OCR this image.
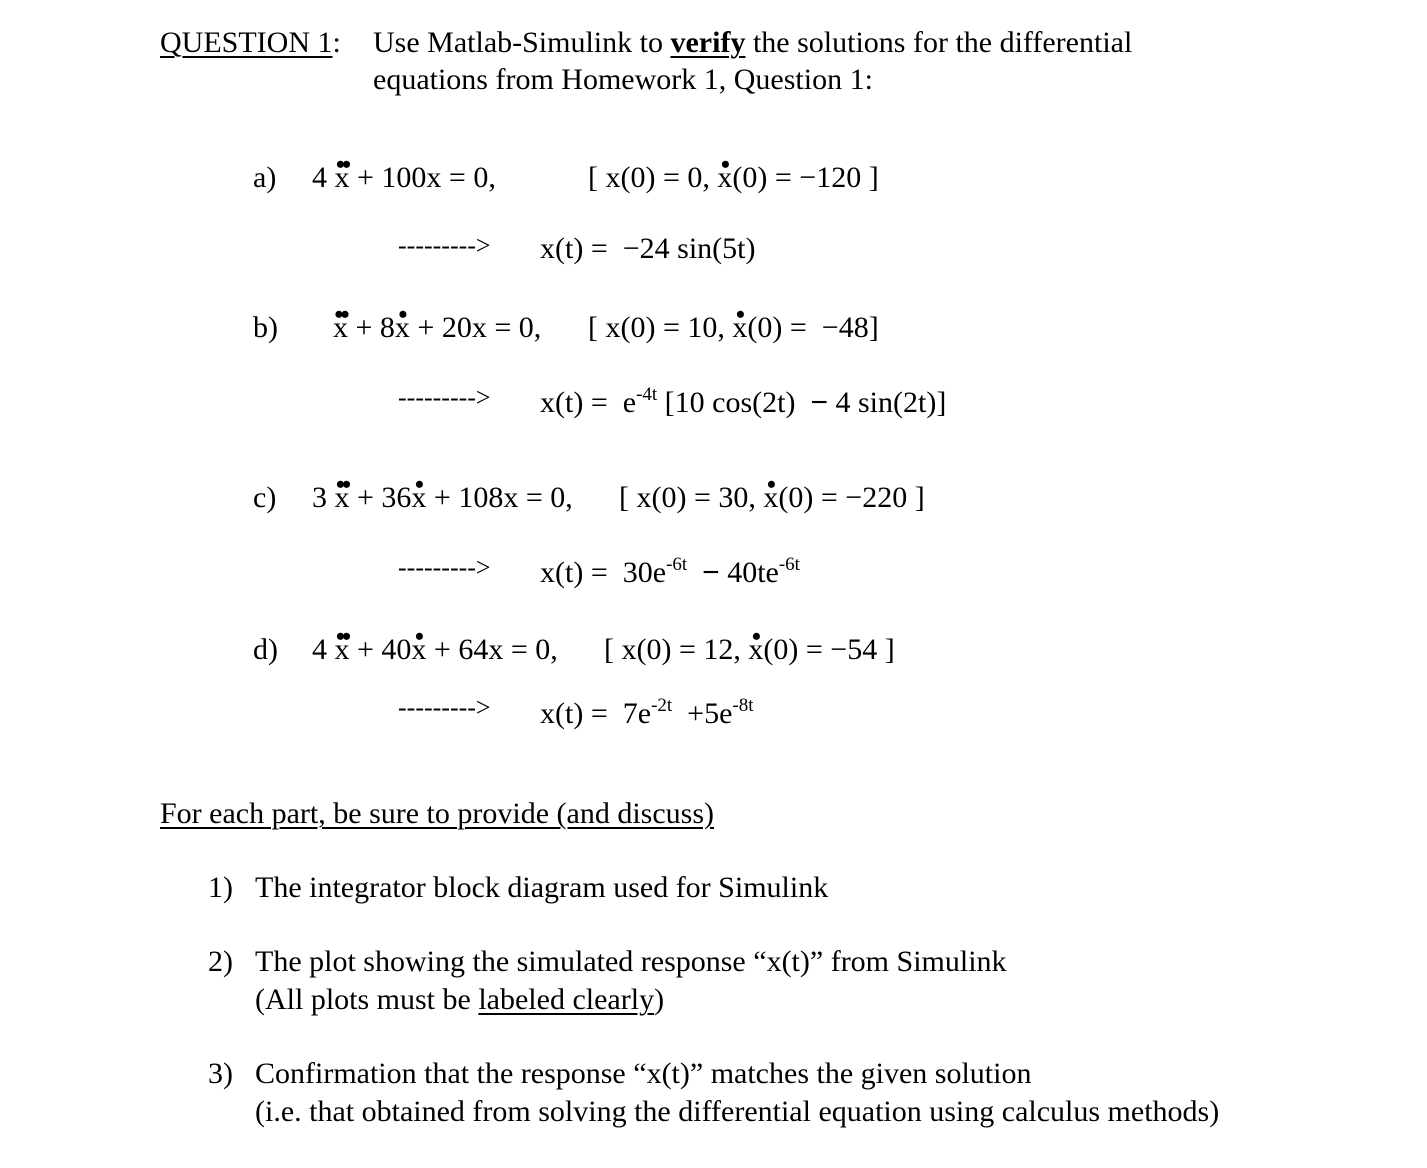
QUESTION 1: Use Matlab-Simulink to verify the solutions for the differential
equations from Homework 1, Question 1:
a) 4 •• x + 100x = 0,	[ x(0) = 0, • x(0) = −120 ]
---------> x(t) =  −24 sin(5t)
b) •• x + 8• x + 20x = 0, [ x(0) = 10, • x(0) =  −48]
---------> $x(t) = e^{-4t}$ [10 cos(2t)  − 4 sin(2t)]
c) 3 •• x + 36• x + 108x = 0, [ x(0) = 30, • x(0) = −220 ]
---------> $x(t) = 30e^{-6t} - 40te^{-6t}$
d) 4 •• x + 40• x + 64x = 0, [ x(0) = 12, • x(0) = −54 ]
---------> $x(t) = 7e^{-2t} +5e^{-8t}$
For each part, be sure to provide (and discuss)
1) The integrator block diagram used for Simulink
2) The plot showing the simulated response “x(t)” from Simulink
(All plots must be labeled clearly)
3) Confirmation that the response “x(t)” matches the given solution
(i.e. that obtained from solving the differential equation using calculus methods)
